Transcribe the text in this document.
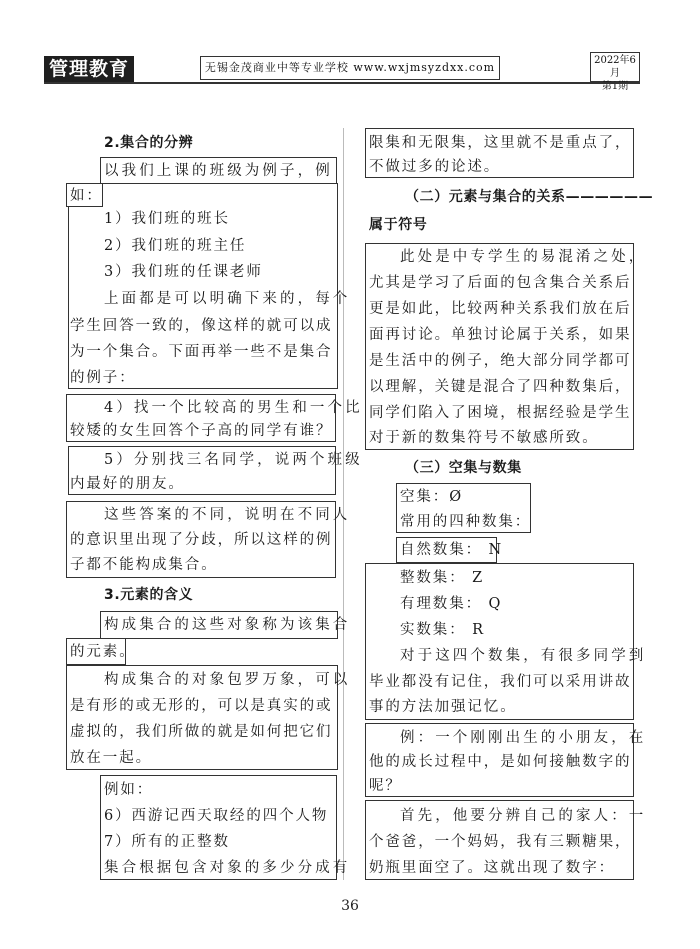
管理教育	无锡金茂商业中等专业学校 www.wxjmsyzdxx.com
2022年6月
第1期
2.集合的分辨
以我们上课的班级为例子，例
如：
1）我们班的班长
2）我们班的班主任
3）我们班的任课老师
上面都是可以明确下来的，每个
学生回答一致的，像这样的就可以成
为一个集合。下面再举一些不是集合
的例子：
4）找一个比较高的男生和一个比
较矮的女生回答个子高的同学有谁？
5）分别找三名同学，说两个班级
内最好的朋友。
这些答案的不同，说明在不同人
的意识里出现了分歧，所以这样的例
子都不能构成集合。
3.元素的含义
构成集合的这些对象称为该集合
的元素。
构成集合的对象包罗万象，可以
是有形的或无形的，可以是真实的或
虚拟的，我们所做的就是如何把它们
放在一起。
例如：
6）西游记西天取经的四个人物
7）所有的正整数
集合根据包含对象的多少分成有
限集和无限集，这里就不是重点了，
不做过多的论述。
（二）元素与集合的关系——————
属于符号
此处是中专学生的易混淆之处，
尤其是学习了后面的包含集合关系后
更是如此，比较两种关系我们放在后
面再讨论。单独讨论属于关系，如果
是生活中的例子，绝大部分同学都可
以理解，关键是混合了四种数集后，
同学们陷入了困境，根据经验是学生
对于新的数集符号不敏感所致。
（三）空集与数集
空集：Ø
常用的四种数集：
自然数集： N
整数集： Z
有理数集： Q
实数集： R
对于这四个数集，有很多同学到
毕业都没有记住，我们可以采用讲故
事的方法加强记忆。
例：一个刚刚出生的小朋友，在
他的成长过程中，是如何接触数字的
呢？
首先，他要分辨自己的家人：一
个爸爸，一个妈妈，我有三颗糖果，
奶瓶里面空了。这就出现了数字：
36
